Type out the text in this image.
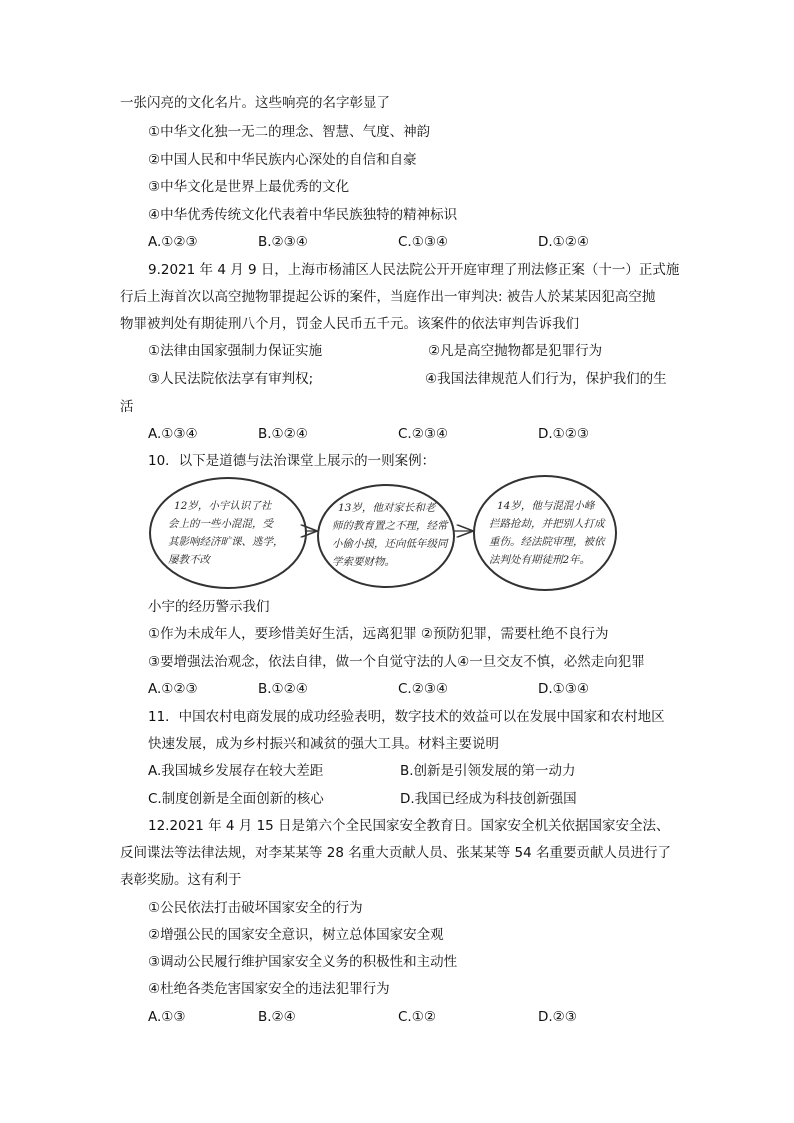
一张闪亮的文化名片。这些响亮的名字彰显了
①中华文化独一无二的理念、智慧、气度、神韵
②中国人民和中华民族内心深处的自信和自豪
③中华文化是世界上最优秀的文化
④中华优秀传统文化代表着中华民族独特的精神标识
A.①②③	B.②③④	C.①③④	D.①②④
9.2021 年 4 月 9 日，上海市杨浦区人民法院公开开庭审理了刑法修正案（十一）正式施
行后上海首次以高空抛物罪提起公诉的案件，当庭作出一审判决: 被告人於某某因犯高空抛
物罪被判处有期徒刑八个月，罚金人民币五千元。该案件的依法审判告诉我们
①法律由国家强制力保证实施	②凡是高空抛物都是犯罪行为
③人民法院依法享有审判权;	④我国法律规范人们行为，保护我们的生
活
A.①③④	B.①②④	C.②③④	D.①②③
10．以下是道德与法治课堂上展示的一则案例：
12岁，小宇认识了社
会上的一些小混混，受
其影响经济旷课、逃学，
屡教不改
13岁，他对家长和老
师的教育置之不理，经常
小偷小摸，还向低年级同
学索要财物。
14岁，他与混混小峰
拦路抢劫，并把别人打成
重伤。经法院审理，被依
法判处有期徒刑2年。
小宇的经历警示我们
①作为未成年人，要珍惜美好生活，远离犯罪 ②预防犯罪，需要杜绝不良行为
③要增强法治观念，依法自律，做一个自觉守法的人④一旦交友不慎，必然走向犯罪
A.①②③	B.①②④	C.②③④	D.①③④
11．中国农村电商发展的成功经验表明，数字技术的效益可以在发展中国家和农村地区
快速发展，成为乡村振兴和减贫的强大工具。材料主要说明
A.我国城乡发展存在较大差距	B.创新是引领发展的第一动力
C.制度创新是全面创新的核心	D.我国已经成为科技创新强国
12.2021 年 4 月 15 日是第六个全民国家安全教育日。国家安全机关依据国家安全法、
反间谍法等法律法规，对李某某等 28 名重大贡献人员、张某某等 54 名重要贡献人员进行了
表彰奖励。这有利于
①公民依法打击破坏国家安全的行为
②增强公民的国家安全意识，树立总体国家安全观
③调动公民履行维护国家安全义务的积极性和主动性
④杜绝各类危害国家安全的违法犯罪行为
A.①③	B.②④	C.①②	D.②③
